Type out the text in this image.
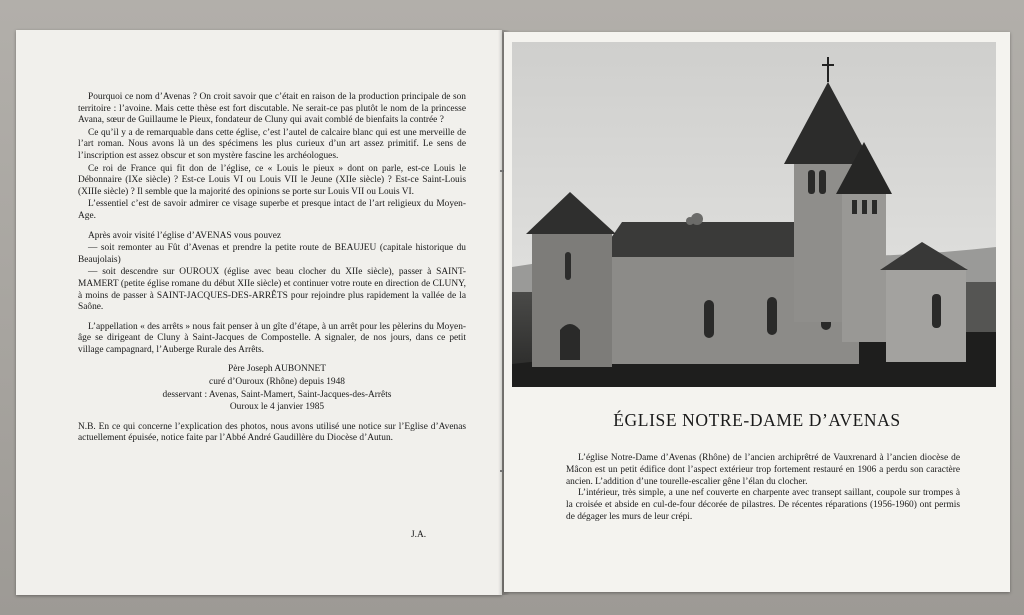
Pourquoi ce nom d’Avenas ? On croit savoir que c’était en raison de la production principale de son territoire : l’avoine. Mais cette thèse est fort discutable. Ne serait-ce pas plutôt le nom de la princesse Avana, sœur de Guillaume le Pieux, fondateur de Cluny qui avait comblé de bienfaits la contrée ?

Ce qu’il y a de remarquable dans cette église, c’est l’autel de calcaire blanc qui est une merveille de l’art roman. Nous avons là un des spécimens les plus curieux d’un art assez primitif. Le sens de l’inscription est assez obscur et son mystère fascine les archéologues.

Ce roi de France qui fit don de l’église, ce « Louis le pieux » dont on parle, est-ce Louis le Débonnaire (IXe siècle) ? Est-ce Louis VI ou Louis VII le Jeune (XIIe siècle) ? Est-ce Saint-Louis (XIIIe siècle) ? Il semble que la majorité des opinions se porte sur Louis VII ou Louis VI.

L’essentiel c’est de savoir admirer ce visage superbe et presque intact de l’art religieux du Moyen-Age.

Après avoir visité l’église d’AVENAS vous pouvez

— soit remonter au Fût d’Avenas et prendre la petite route de BEAUJEU (capitale historique du Beaujolais)

— soit descendre sur OUROUX (église avec beau clocher du XIIe siècle), passer à SAINT-MAMERT (petite église romane du début XIIe siècle) et continuer votre route en direction de CLUNY, à moins de passer à SAINT-JACQUES-DES-ARRÊTS pour rejoindre plus rapidement la vallée de la Saône.

L’appellation « des arrêts » nous fait penser à un gîte d’étape, à un arrêt pour les pèlerins du Moyen-âge se dirigeant de Cluny à Saint-Jacques de Compostelle. A signaler, de nos jours, dans ce petit village campagnard, l’Auberge Rurale des Arrêts.

Père Joseph AUBONNET

curé d’Ouroux (Rhône) depuis 1948

desservant : Avenas, Saint-Mamert, Saint-Jacques-des-Arrêts

Ouroux le 4 janvier 1985

N.B. En ce qui concerne l’explication des photos, nous avons utilisé une notice sur l’Eglise d’Avenas actuellement épuisée, notice faite par l’Abbé André Gaudillère du Diocèse d’Autun.

J.A.
ÉGLISE NOTRE-DAME D’AVENAS

L’église Notre-Dame d’Avenas (Rhône) de l’ancien archiprêtré de Vauxrenard à l’ancien diocèse de Mâcon est un petit édifice dont l’aspect extérieur trop fortement restauré en 1906 a perdu son caractère ancien. L’addition d’une tourelle-escalier gêne l’élan du clocher.

L’intérieur, très simple, a une nef couverte en charpente avec transept saillant, coupole sur trompes à la croisée et abside en cul-de-four décorée de pilastres. De récentes réparations (1956-1960) ont permis de dégager les murs de leur crépi.
